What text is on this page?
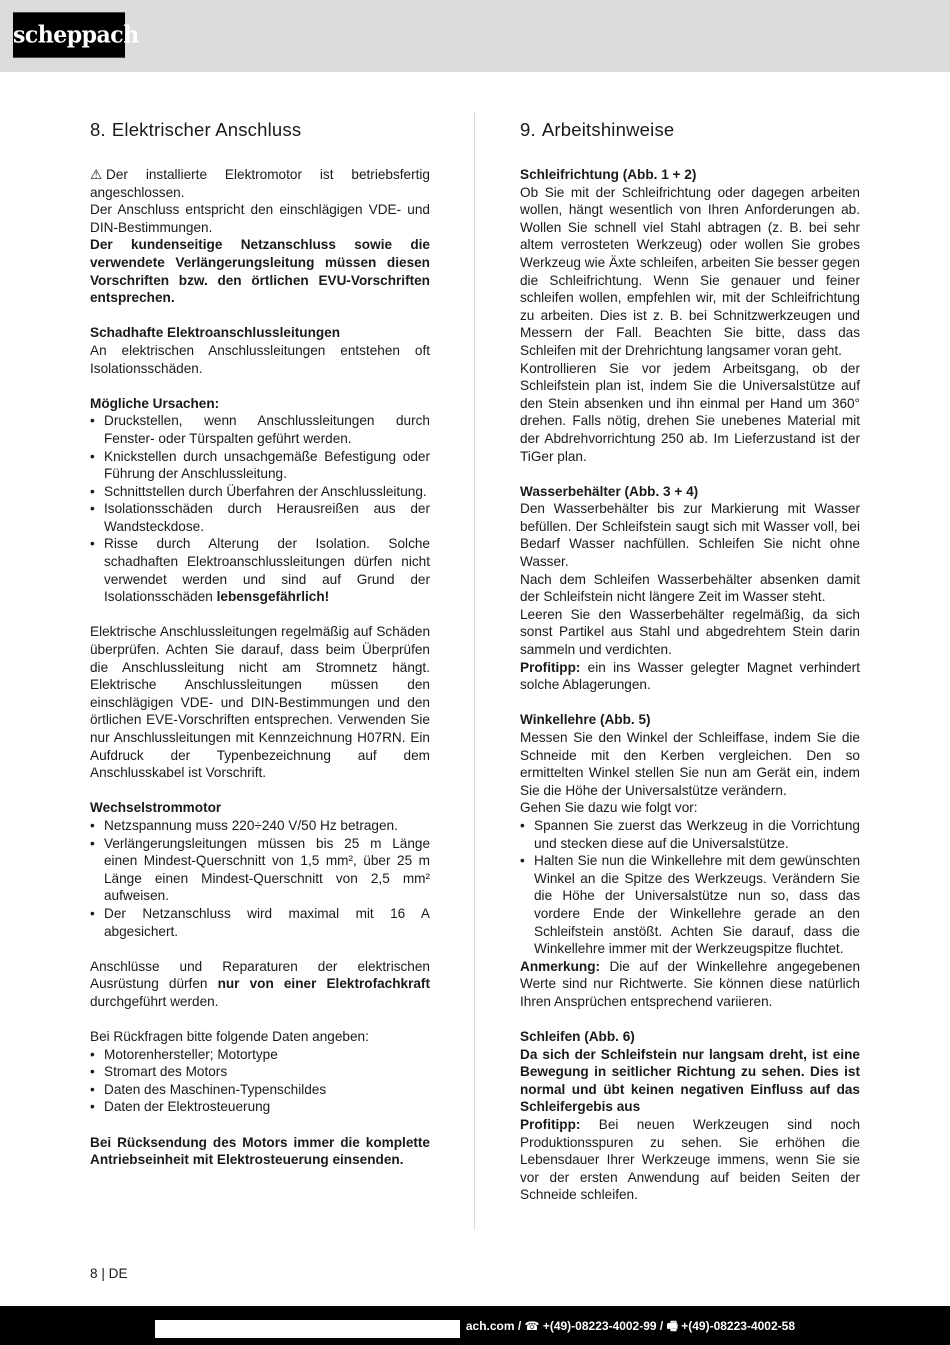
scheppach
8. Elektrischer Anschluss

⚠ Der installierte Elektromotor ist betriebsfertig angeschlossen.

Der Anschluss entspricht den einschlägigen VDE- und DIN-Bestimmungen.

Der kundenseitige Netzanschluss sowie die verwendete Verlängerungsleitung müssen diesen Vorschriften bzw. den örtlichen EVU-Vorschriften entsprechen.

Schadhafte Elektroanschlussleitungen

An elektrischen Anschlussleitungen entstehen oft Isolationsschäden.

Mögliche Ursachen:

• Druckstellen, wenn Anschlussleitungen durch Fenster- oder Türspalten geführt werden.
• Knickstellen durch unsachgemäße Befestigung oder Führung der Anschlussleitung.
• Schnittstellen durch Überfahren der Anschlussleitung.
• Isolationsschäden durch Herausreißen aus der Wandsteckdose.
• Risse durch Alterung der Isolation. Solche schadhaften Elektroanschlussleitungen dürfen nicht verwendet werden und sind auf Grund der Isolationsschäden lebensgefährlich!

Elektrische Anschlussleitungen regelmäßig auf Schäden überprüfen. Achten Sie darauf, dass beim Überprüfen die Anschlussleitung nicht am Stromnetz hängt. Elektrische Anschlussleitungen müssen den einschlägigen VDE- und DIN-Bestimmungen und den örtlichen EVE-Vorschriften entsprechen. Verwenden Sie nur Anschlussleitungen mit Kennzeichnung H07RN. Ein Aufdruck der Typenbezeichnung auf dem Anschlusskabel ist Vorschrift.

Wechselstrommotor

• Netzspannung muss 220÷240 V/50 Hz betragen.
• Verlängerungsleitungen müssen bis 25 m Länge einen Mindest-Querschnitt von 1,5 mm², über 25 m Länge einen Mindest-Querschnitt von 2,5 mm² aufweisen.
• Der Netzanschluss wird maximal mit 16 A abgesichert.

Anschlüsse und Reparaturen der elektrischen Ausrüstung dürfen nur von einer Elektrofachkraft durchgeführt werden.

Bei Rückfragen bitte folgende Daten angeben:

• Motorenhersteller; Motortype
• Stromart des Motors
• Daten des Maschinen-Typenschildes
• Daten der Elektrosteuerung

Bei Rücksendung des Motors immer die komplette Antriebseinheit mit Elektrosteuerung einsenden.

9. Arbeitshinweise

Schleifrichtung (Abb. 1 + 2)

Ob Sie mit der Schleifrichtung oder dagegen arbeiten wollen, hängt wesentlich von Ihren Anforderungen ab. Wollen Sie schnell viel Stahl abtragen (z. B. bei sehr altem verrosteten Werkzeug) oder wollen Sie grobes Werkzeug wie Äxte schleifen, arbeiten Sie besser gegen die Schleifrichtung. Wenn Sie genauer und feiner schleifen wollen, empfehlen wir, mit der Schleifrichtung zu arbeiten. Dies ist z. B. bei Schnitzwerkzeugen und Messern der Fall. Beachten Sie bitte, dass das Schleifen mit der Drehrichtung langsamer voran geht.

Kontrollieren Sie vor jedem Arbeitsgang, ob der Schleifstein plan ist, indem Sie die Universalstütze auf den Stein absenken und ihn einmal per Hand um 360° drehen. Falls nötig, drehen Sie unebenes Material mit der Abdrehvorrichtung 250 ab. Im Lieferzustand ist der TiGer plan.

Wasserbehälter (Abb. 3 + 4)

Den Wasserbehälter bis zur Markierung mit Wasser befüllen. Der Schleifstein saugt sich mit Wasser voll, bei Bedarf Wasser nachfüllen. Schleifen Sie nicht ohne Wasser.

Nach dem Schleifen Wasserbehälter absenken damit der Schleifstein nicht längere Zeit im Wasser steht.

Leeren Sie den Wasserbehälter regelmäßig, da sich sonst Partikel aus Stahl und abgedrehtem Stein darin sammeln und verdichten.

Profitipp: ein ins Wasser gelegter Magnet verhindert solche Ablagerungen.

Winkellehre (Abb. 5)

Messen Sie den Winkel der Schleiffase, indem Sie die Schneide mit den Kerben vergleichen. Den so ermittelten Winkel stellen Sie nun am Gerät ein, indem Sie die Höhe der Universalstütze verändern.

Gehen Sie dazu wie folgt vor:

• Spannen Sie zuerst das Werkzeug in die Vorrichtung und stecken diese auf die Universalstütze.
• Halten Sie nun die Winkellehre mit dem gewünschten Winkel an die Spitze des Werkzeugs. Verändern Sie die Höhe der Universalstütze nun so, dass das vordere Ende der Winkellehre gerade an den Schleifstein anstößt. Achten Sie darauf, dass die Winkellehre immer mit der Werkzeugspitze fluchtet.

Anmerkung: Die auf der Winkellehre angegebenen Werte sind nur Richtwerte. Sie können diese natürlich Ihren Ansprüchen entsprechend variieren.

Schleifen (Abb. 6)

Da sich der Schleifstein nur langsam dreht, ist eine Bewegung in seitlicher Richtung zu sehen. Dies ist normal und übt keinen negativen Einfluss auf das Schleifergebis aus

Profitipp: Bei neuen Werkzeugen sind noch Produktionsspuren zu sehen. Sie erhöhen die Lebensdauer Ihrer Werkzeuge immens, wenn Sie sie vor der ersten Anwendung auf beiden Seiten der Schneide schleifen.

8 | DE
ach.com / ☎ +(49)-08223-4002-99 / 🖷 +(49)-08223-4002-58
